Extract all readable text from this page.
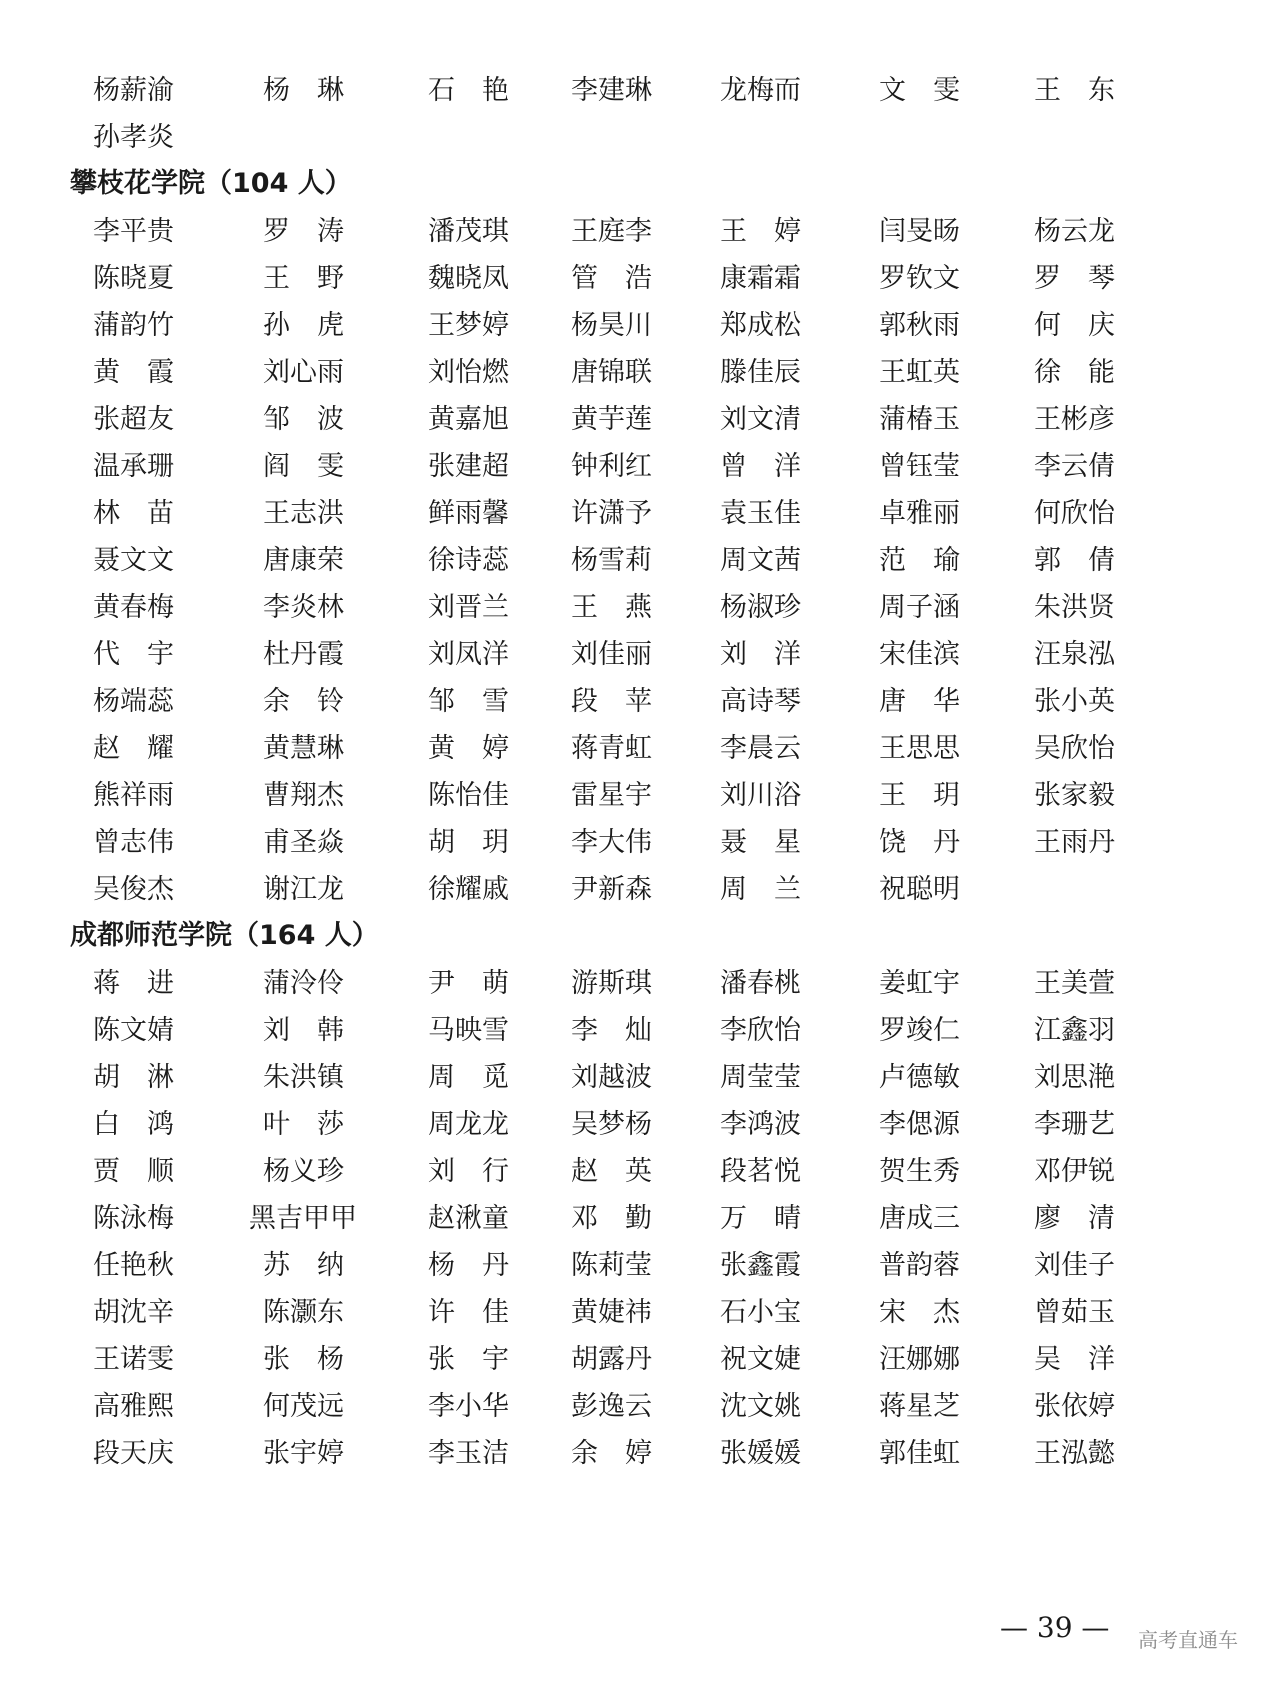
杨薪渝	杨　琳	石　艳 李建琳	龙梅而	文　雯	王　东
孙孝炎
攀枝花学院（104 人）
李平贵	罗　涛	潘茂琪 王庭李	王　婷	闫旻旸	杨云龙
陈晓夏	王　野	魏晓凤 管　浩	康霜霜	罗钦文	罗　琴
蒲韵竹	孙　虎	王梦婷 杨昊川	郑成松	郭秋雨	何　庆
黄　霞	刘心雨	刘怡燃 唐锦联	滕佳辰	王虹英	徐　能
张超友	邹　波	黄嘉旭 黄芋莲	刘文清	蒲椿玉	王彬彦
温承珊	阎　雯	张建超 钟利红	曾　洋	曾钰莹	李云倩
林　苗	王志洪	鲜雨馨 许潇予	袁玉佳	卓雅丽	何欣怡
聂文文	唐康荣	徐诗蕊 杨雪莉	周文茜	范　瑜	郭　倩
黄春梅	李炎林	刘晋兰 王　燕	杨淑珍	周子涵	朱洪贤
代　宇	杜丹霞	刘凤洋 刘佳丽	刘　洋	宋佳滨	汪泉泓
杨端蕊	余　铃	邹　雪 段　苹	高诗琴	唐　华	张小英
赵　耀	黄慧琳	黄　婷 蒋青虹	李晨云	王思思	吴欣怡
熊祥雨	曹翔杰	陈怡佳 雷星宇	刘川浴	王　玥	张家毅
曾志伟	甫圣焱	胡　玥 李大伟	聂　星	饶　丹	王雨丹
吴俊杰	谢江龙	徐耀戚 尹新森	周　兰	祝聪明
成都师范学院（164 人）
蒋　进	蒲泠伶	尹　萌 游斯琪	潘春桃	姜虹宇	王美萱
陈文婧	刘　韩	马映雪 李　灿	李欣怡	罗竣仁	江鑫羽
胡　淋	朱洪镇	周　觅 刘越波	周莹莹	卢德敏	刘思滟
白　鸿	叶　莎	周龙龙 吴梦杨	李鸿波	李偲源	李珊艺
贾　顺	杨义珍	刘　行 赵　英	段茗悦	贺生秀	邓伊锐
陈泳梅	黑吉甲甲	赵湫童 邓　勤	万　晴	唐成三	廖　清
任艳秋	苏　纳	杨　丹 陈莉莹	张鑫霞	普韵蓉	刘佳子
胡沈辛	陈灏东	许　佳 黄婕祎	石小宝	宋　杰	曾茹玉
王诺雯	张　杨	张　宇 胡露丹	祝文婕	汪娜娜	吴　洋
高雅熙	何茂远	李小华 彭逸云	沈文姚	蒋星芝	张依婷
段天庆	张宇婷	李玉洁 余　婷	张媛媛	郭佳虹	王泓懿
— 39 — 高考直通车
